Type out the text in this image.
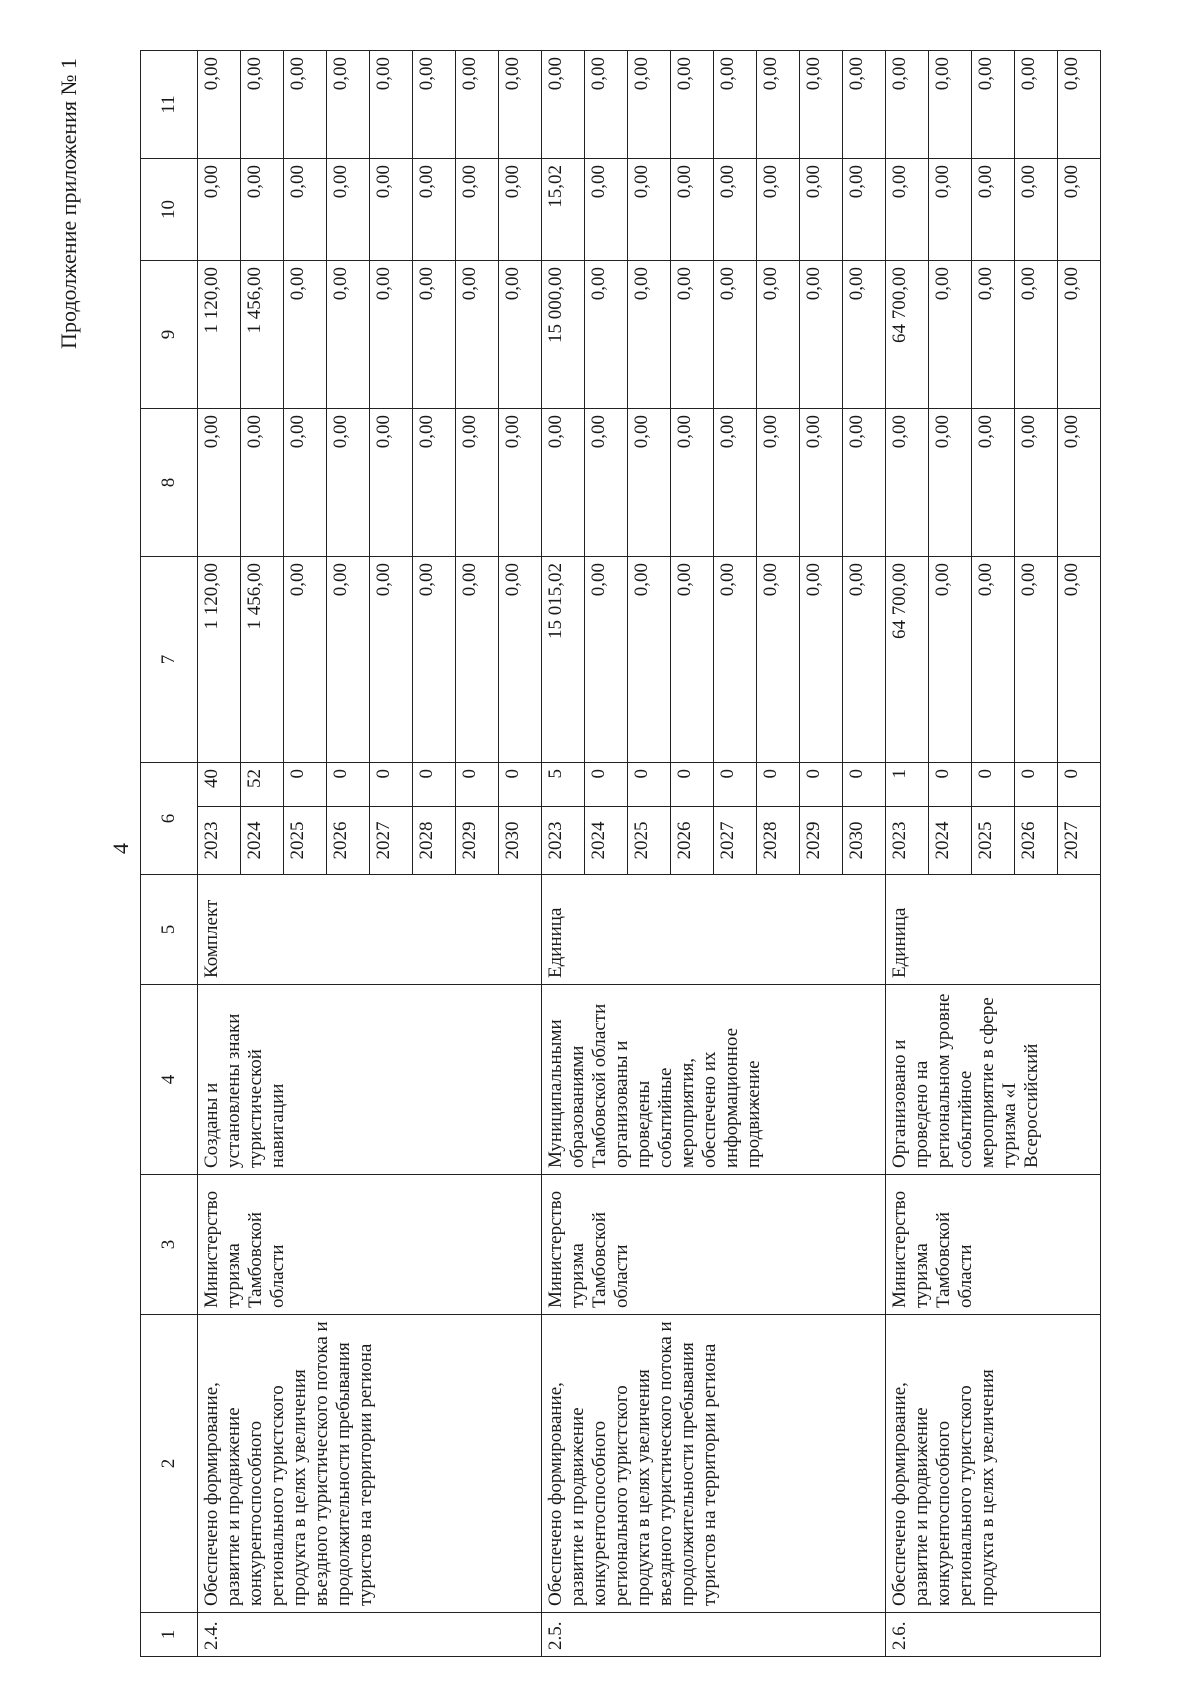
4
Продолжение приложения № 1
1	2	3	4	5	6		7	8	9	10	11
2.4.	Обеспечено формирование, развитие и продвижение конкурентоспособного регионального туристского продукта в целях увеличения въездного туристического потока и продолжительности пребывания туристов на территории региона	Министерство туризма Тамбовской области	Созданы и установлены знаки туристической навигации	Комплект	2023	40	1 120,00	0,00	1 120,00	0,00	0,00
					2024	52	1 456,00	0,00	1 456,00	0,00	0,00
					2025	0	0,00	0,00	0,00	0,00	0,00
					2026	0	0,00	0,00	0,00	0,00	0,00
					2027	0	0,00	0,00	0,00	0,00	0,00
					2028	0	0,00	0,00	0,00	0,00	0,00
					2029	0	0,00	0,00	0,00	0,00	0,00
					2030	0	0,00	0,00	0,00	0,00	0,00
2.5.	Обеспечено формирование, развитие и продвижение конкурентоспособного регионального туристского продукта в целях увеличения въездного туристического потока и продолжительности пребывания туристов на территории региона	Министерство туризма Тамбовской области	Муниципальными образованиями Тамбовской области организованы и проведены событийные мероприятия, обеспечено их информационное продвижение	Единица	2023	5	15 015,02	0,00	15 000,00	15,02	0,00
					2024	0	0,00	0,00	0,00	0,00	0,00
					2025	0	0,00	0,00	0,00	0,00	0,00
					2026	0	0,00	0,00	0,00	0,00	0,00
					2027	0	0,00	0,00	0,00	0,00	0,00
					2028	0	0,00	0,00	0,00	0,00	0,00
					2029	0	0,00	0,00	0,00	0,00	0,00
					2030	0	0,00	0,00	0,00	0,00	0,00
2.6.	Обеспечено формирование, развитие и продвижение конкурентоспособного регионального туристского продукта в целях увеличения	Министерство туризма Тамбовской области	Организовано и проведено на региональном уровне событийное мероприятие в сфере туризма «I Всероссийский	Единица	2023	1	64 700,00	0,00	64 700,00	0,00	0,00
					2024	0	0,00	0,00	0,00	0,00	0,00
					2025	0	0,00	0,00	0,00	0,00	0,00
					2026	0	0,00	0,00	0,00	0,00	0,00
					2027	0	0,00	0,00	0,00	0,00	0,00
